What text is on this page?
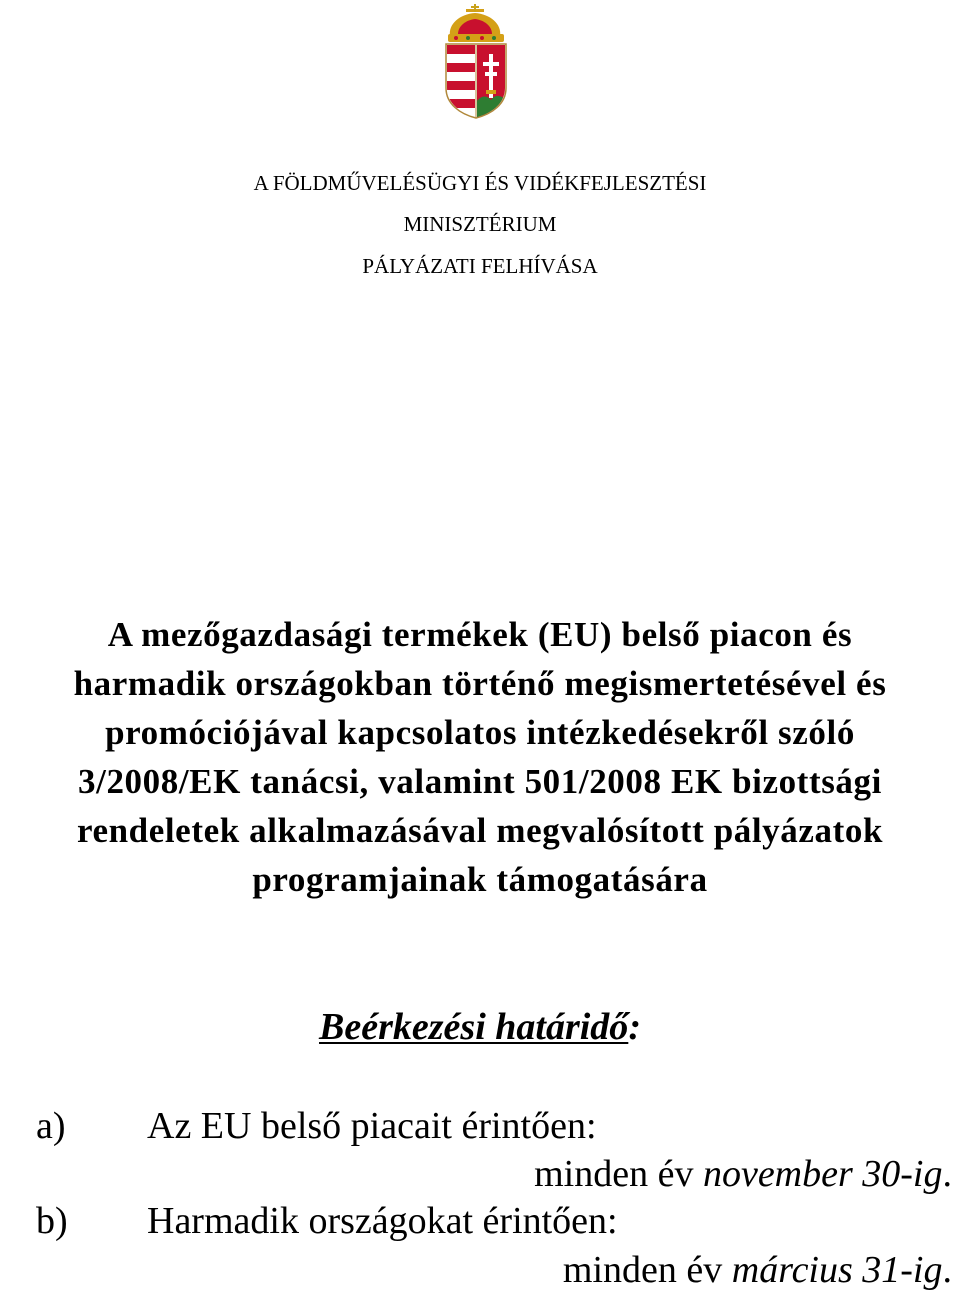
A FÖLDMŰVELÉSÜGYI ÉS VIDÉKFEJLESZTÉSI
MINISZTÉRIUM
PÁLYÁZATI FELHÍVÁSA
A mezőgazdasági termékek (EU) belső piacon és
harmadik országokban történő megismertetésével és
promóciójával kapcsolatos intézkedésekről szóló
3/2008/EK tanácsi, valamint 501/2008 EK bizottsági
rendeletek alkalmazásával megvalósított pályázatok
programjainak támogatására
Beérkezési határidő:
a) Az EU belső piacait érintően:
minden év november 30-ig.
b) Harmadik országokat érintően:
minden év március 31-ig.
